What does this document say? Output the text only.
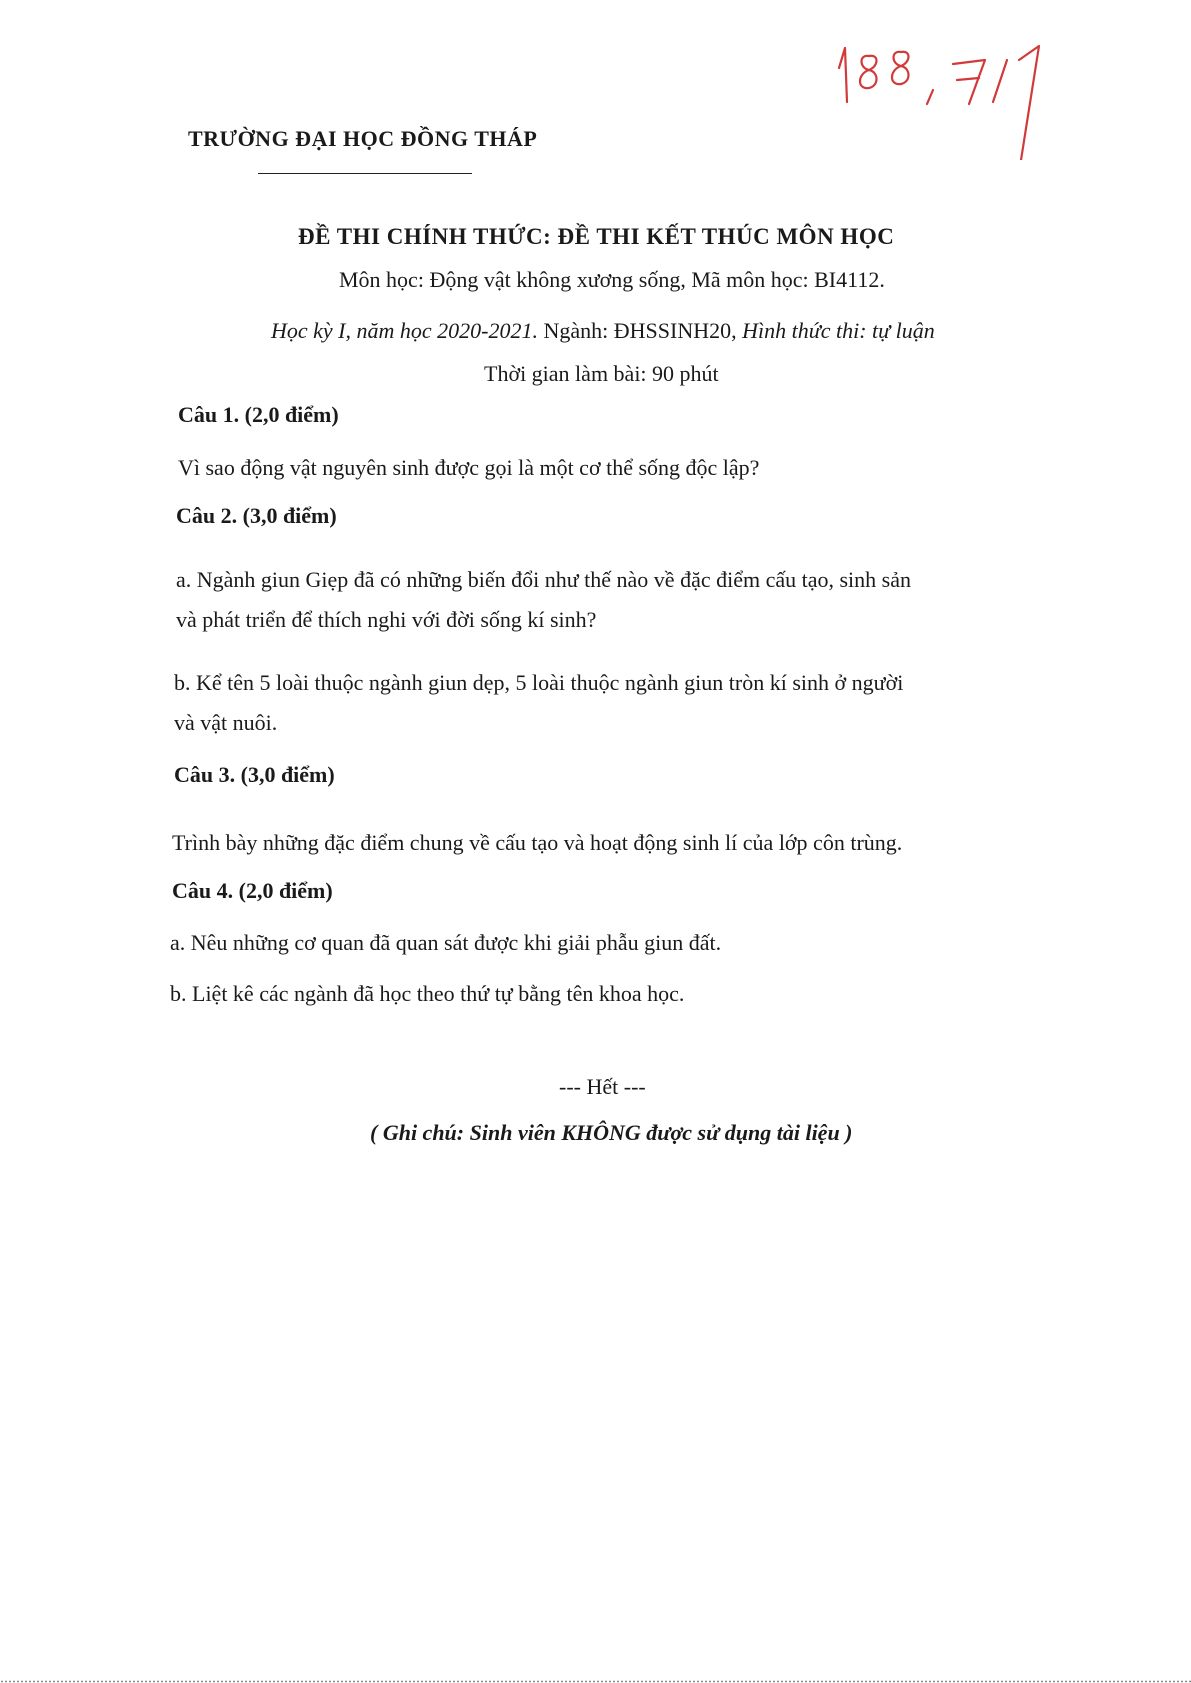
TRƯỜNG ĐẠI HỌC ĐỒNG THÁP
ĐỀ THI CHÍNH THỨC: ĐỀ THI KẾT THÚC MÔN HỌC
Môn học: Động vật không xương sống, Mã môn học: BI4112.
Học kỳ I, năm học 2020-2021. Ngành: ĐHSSINH20, Hình thức thi: tự luận
Thời gian làm bài: 90 phút
Câu 1. (2,0 điểm)
Vì sao động vật nguyên sinh được gọi là một cơ thể sống độc lập?
Câu 2. (3,0 điểm)
a. Ngành giun Giẹp đã có những biến đổi như thế nào về đặc điểm cấu tạo, sinh sản
và phát triển để thích nghi với đời sống kí sinh?
b. Kể tên 5 loài thuộc ngành giun dẹp, 5 loài thuộc ngành giun tròn kí sinh ở người
và vật nuôi.
Câu 3. (3,0 điểm)
Trình bày những đặc điểm chung về cấu tạo và hoạt động sinh lí của lớp côn trùng.
Câu 4. (2,0 điểm)
a. Nêu những cơ quan đã quan sát được khi giải phẫu giun đất.
b. Liệt kê các ngành đã học theo thứ tự bằng tên khoa học.
--- Hết ---
( Ghi chú: Sinh viên KHÔNG được sử dụng tài liệu )
